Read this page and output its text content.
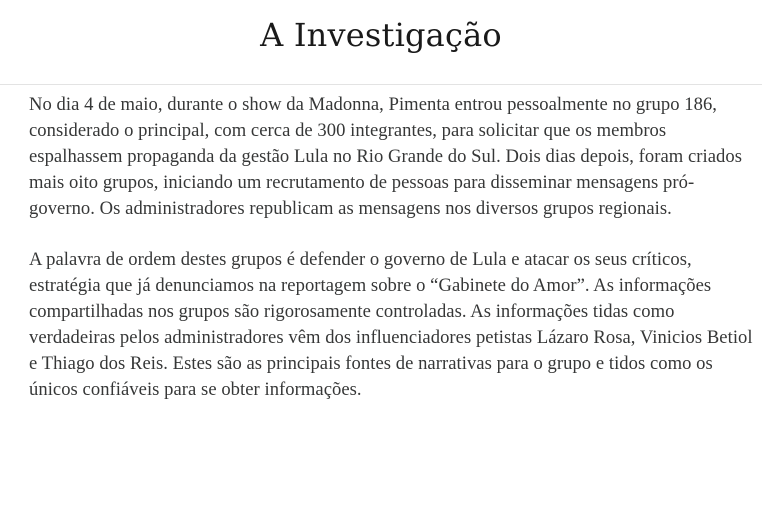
A Investigação

No dia 4 de maio, durante o show da Madonna, Pimenta entrou pessoalmente no grupo 186, considerado o principal, com cerca de 300 integrantes, para solicitar que os membros espalhassem propaganda da gestão Lula no Rio Grande do Sul. Dois dias depois, foram criados mais oito grupos, iniciando um recrutamento de pessoas para disseminar mensagens pró-governo. Os administradores republicam as mensagens nos diversos grupos regionais.

A palavra de ordem destes grupos é defender o governo de Lula e atacar os seus críticos, estratégia que já denunciamos na reportagem sobre o “Gabinete do Amor”. As informações compartilhadas nos grupos são rigorosamente controladas. As informações tidas como verdadeiras pelos administradores vêm dos influenciadores petistas Lázaro Rosa, Vinicios Betiol e Thiago dos Reis. Estes são as principais fontes de narrativas para o grupo e tidos como os únicos confiáveis para se obter informações.
